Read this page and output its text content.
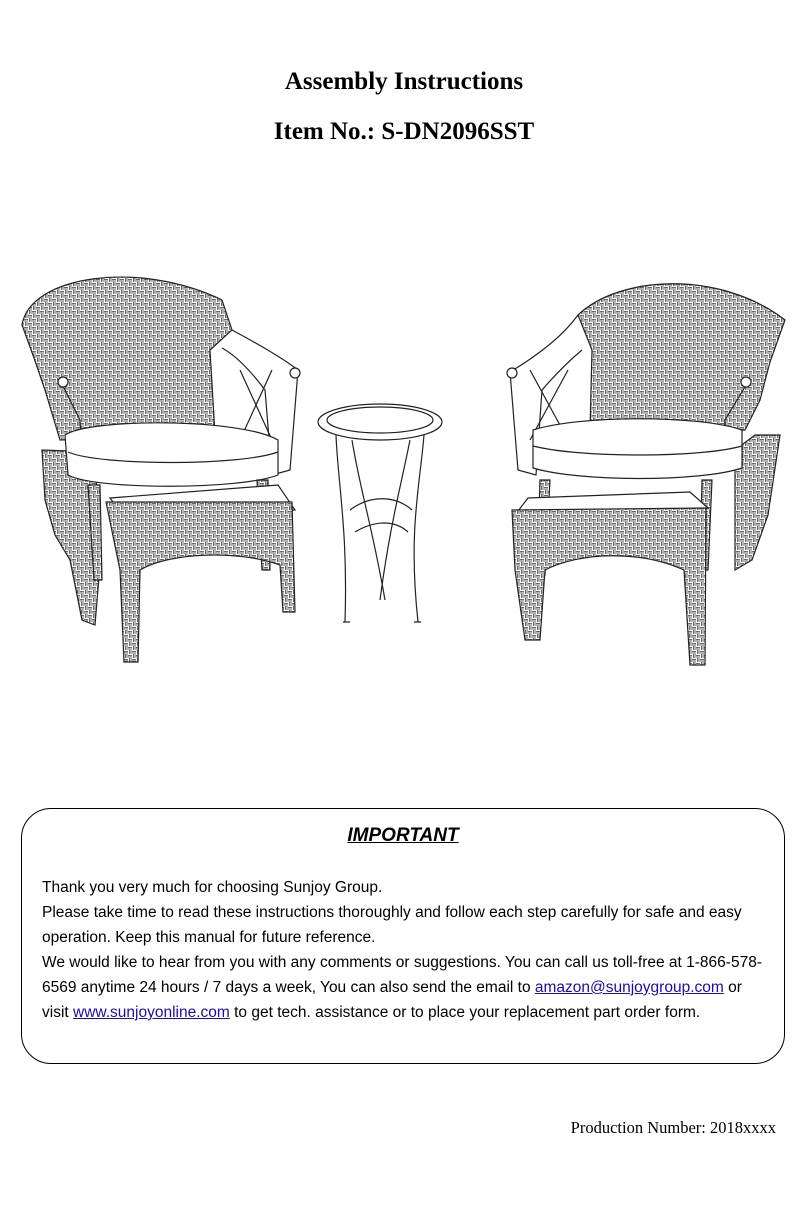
Assembly Instructions
Item No.: S-DN2096SST
IMPORTANT

Thank you very much for choosing Sunjoy Group.

Please take time to read these instructions thoroughly and follow each step carefully for safe and easy operation. Keep this manual for future reference.

We would like to hear from you with any comments or suggestions. You can call us toll-free at 1-866-578-6569 anytime 24 hours / 7 days a week, You can also send the email to amazon@sunjoygroup.com or visit www.sunjoyonline.com to get tech. assistance or to place your replacement part order form.

Production Number: 2018xxxx
